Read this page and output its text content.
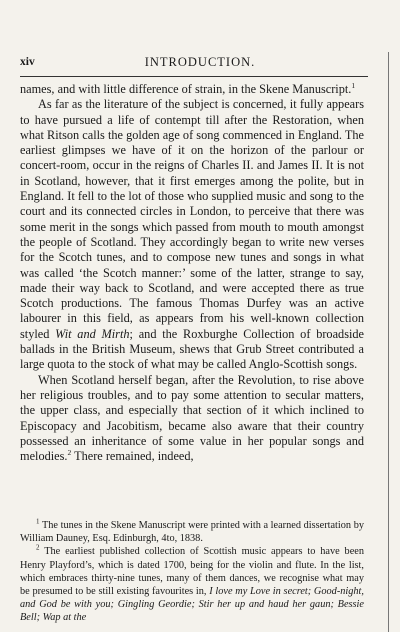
xiv	INTRODUCTION.

names, and with little difference of strain, in the Skene Manuscript.$^1$

As far as the literature of the subject is concerned, it fully appears to have pursued a life of contempt till after the Restoration, when what Ritson calls the golden age of song commenced in England. The earliest glimpses we have of it on the horizon of the parlour or concert-room, occur in the reigns of Charles II. and James II. It is not in Scotland, however, that it first emerges among the polite, but in England. It fell to the lot of those who supplied music and song to the court and its connected circles in London, to perceive that there was some merit in the songs which passed from mouth to mouth amongst the people of Scotland. They accordingly began to write new verses for the Scotch tunes, and to compose new tunes and songs in what was called ‘the Scotch manner:’ some of the latter, strange to say, made their way back to Scotland, and were accepted there as true Scotch productions. The famous Thomas Durfey was an active labourer in this field, as appears from his well-known collection styled Wit and Mirth; and the Roxburghe Collection of broadside ballads in the British Museum, shews that Grub Street contributed a large quota to the stock of what may be called Anglo-Scottish songs.

When Scotland herself began, after the Revolution, to rise above her religious troubles, and to pay some attention to secular matters, the upper class, and especially that section of it which inclined to Episcopacy and Jacobitism, became also aware that their country possessed an inheritance of some value in her popular songs and melodies.$^2$ There remained, indeed,

$^1$ The tunes in the Skene Manuscript were printed with a learned dissertation by William Dauney, Esq. Edinburgh, 4to, 1838.

$^2$ The earliest published collection of Scottish music appears to have been Henry Playford’s, which is dated 1700, being for the violin and flute. In the list, which embraces thirty-nine tunes, many of them dances, we recognise what may be presumed to be still existing favourites in, I love my Love in secret; Good-night, and God be with you; Gingling Geordie; Stir her up and haud her gaun; Bessie Bell; Wap at the
